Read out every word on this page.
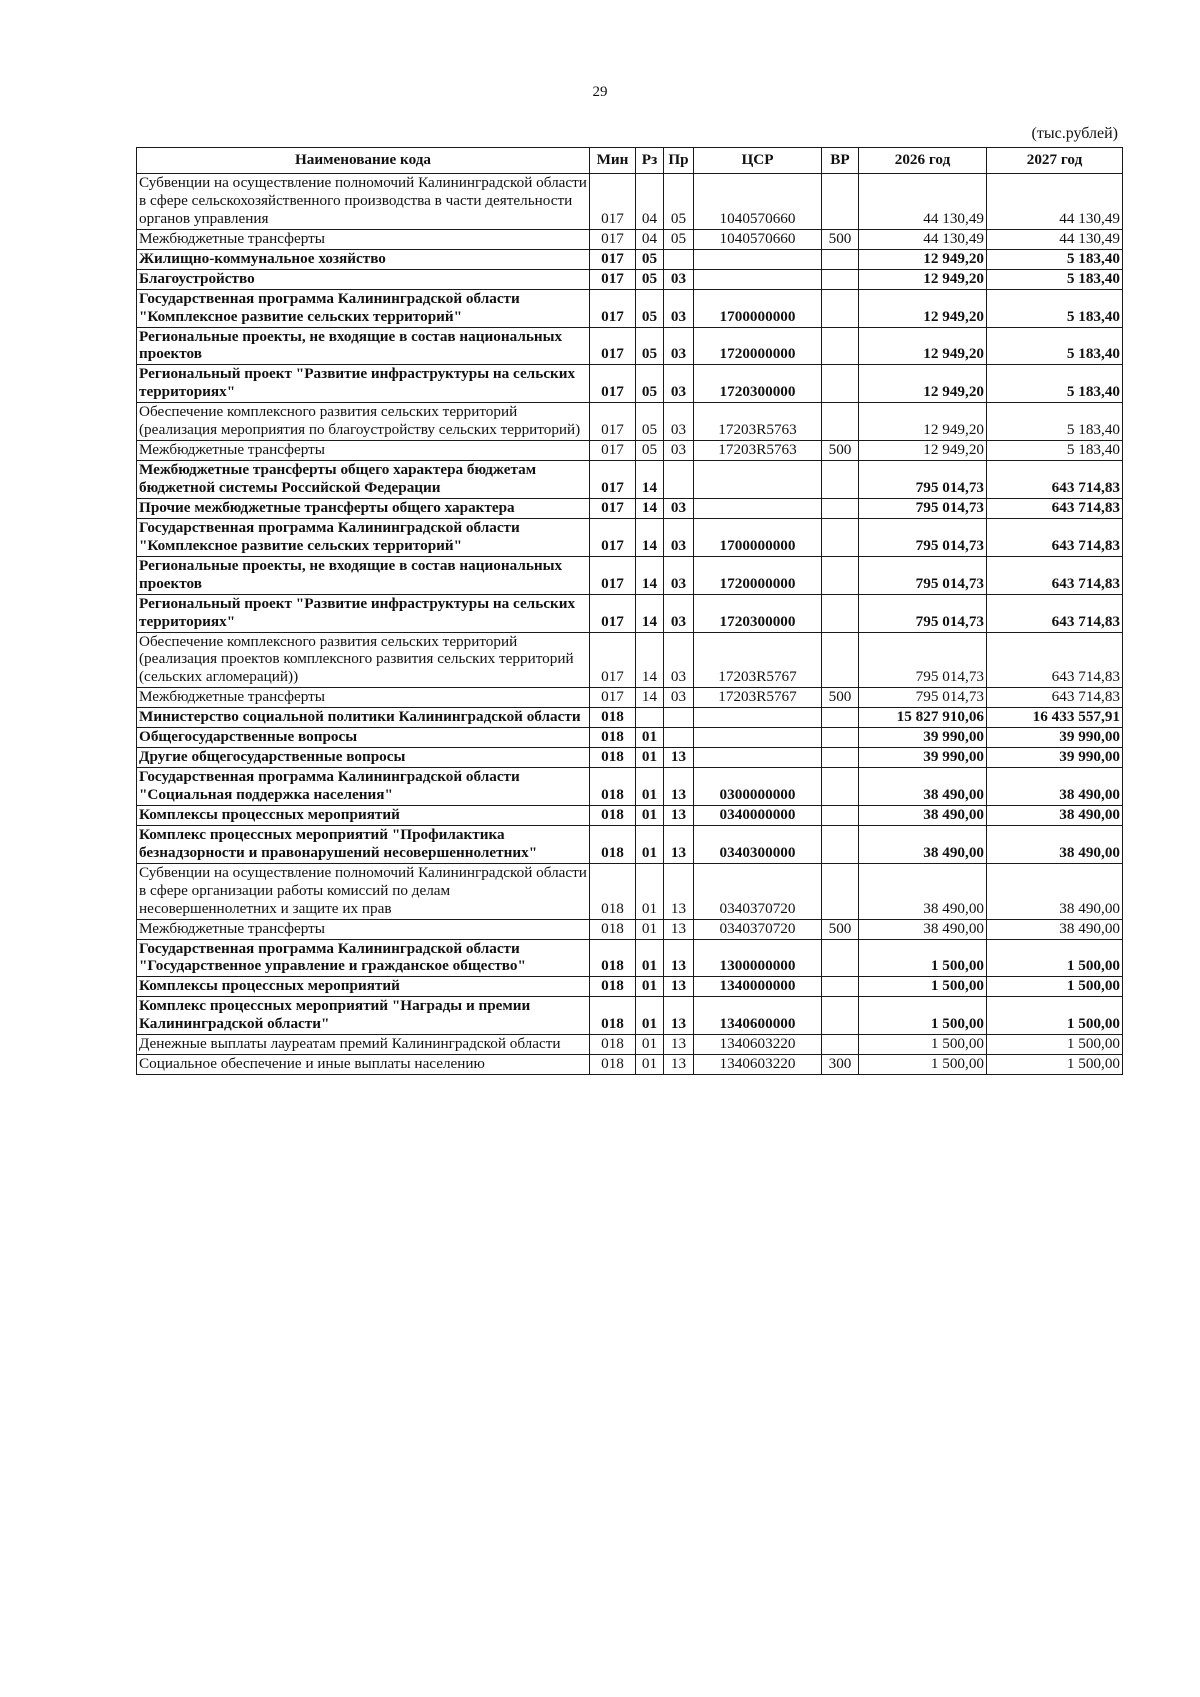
29
(тыс.рублей)
Наименование кода	Мин	Рз	Пр	ЦСР	ВР	2026 год	2027 год
Субвенции на осуществление полномочий Калининградской области в сфере сельскохозяйственного производства в части деятельности органов управления	017	04	05	1040570660		44 130,49	44 130,49
Межбюджетные трансферты	017	04	05	1040570660	500	44 130,49	44 130,49
Жилищно-коммунальное хозяйство	017	05				12 949,20	5 183,40
Благоустройство	017	05	03			12 949,20	5 183,40
Государственная программа Калининградской области "Комплексное развитие сельских территорий"	017	05	03	1700000000		12 949,20	5 183,40
Региональные проекты, не входящие в состав национальных проектов	017	05	03	1720000000		12 949,20	5 183,40
Региональный проект "Развитие инфраструктуры на сельских территориях"	017	05	03	1720300000		12 949,20	5 183,40
Обеспечение комплексного развития сельских территорий (реализация мероприятия по благоустройству сельских территорий)	017	05	03	17203R5763		12 949,20	5 183,40
Межбюджетные трансферты	017	05	03	17203R5763	500	12 949,20	5 183,40
Межбюджетные трансферты общего характера бюджетам бюджетной системы Российской Федерации	017	14				795 014,73	643 714,83
Прочие межбюджетные трансферты общего характера	017	14	03			795 014,73	643 714,83
Государственная программа Калининградской области "Комплексное развитие сельских территорий"	017	14	03	1700000000		795 014,73	643 714,83
Региональные проекты, не входящие в состав национальных проектов	017	14	03	1720000000		795 014,73	643 714,83
Региональный проект "Развитие инфраструктуры на сельских территориях"	017	14	03	1720300000		795 014,73	643 714,83
Обеспечение комплексного развития сельских территорий (реализация проектов комплексного развития сельских территорий (сельских агломераций))	017	14	03	17203R5767		795 014,73	643 714,83
Межбюджетные трансферты	017	14	03	17203R5767	500	795 014,73	643 714,83
Министерство социальной политики Калининградской области	018					15 827 910,06	16 433 557,91
Общегосударственные вопросы	018	01				39 990,00	39 990,00
Другие общегосударственные вопросы	018	01	13			39 990,00	39 990,00
Государственная программа Калининградской области "Социальная поддержка населения"	018	01	13	0300000000		38 490,00	38 490,00
Комплексы процессных мероприятий	018	01	13	0340000000		38 490,00	38 490,00
Комплекс процессных мероприятий "Профилактика безнадзорности и правонарушений несовершеннолетних"	018	01	13	0340300000		38 490,00	38 490,00
Субвенции на осуществление полномочий Калининградской области в сфере организации работы комиссий по делам несовершеннолетних и защите их прав	018	01	13	0340370720		38 490,00	38 490,00
Межбюджетные трансферты	018	01	13	0340370720	500	38 490,00	38 490,00
Государственная программа Калининградской области "Государственное управление и гражданское общество"	018	01	13	1300000000		1 500,00	1 500,00
Комплексы процессных мероприятий	018	01	13	1340000000		1 500,00	1 500,00
Комплекс процессных мероприятий "Награды и премии Калининградской области"	018	01	13	1340600000		1 500,00	1 500,00
Денежные выплаты лауреатам премий Калининградской области	018	01	13	1340603220		1 500,00	1 500,00
Социальное обеспечение и иные выплаты населению	018	01	13	1340603220	300	1 500,00	1 500,00
